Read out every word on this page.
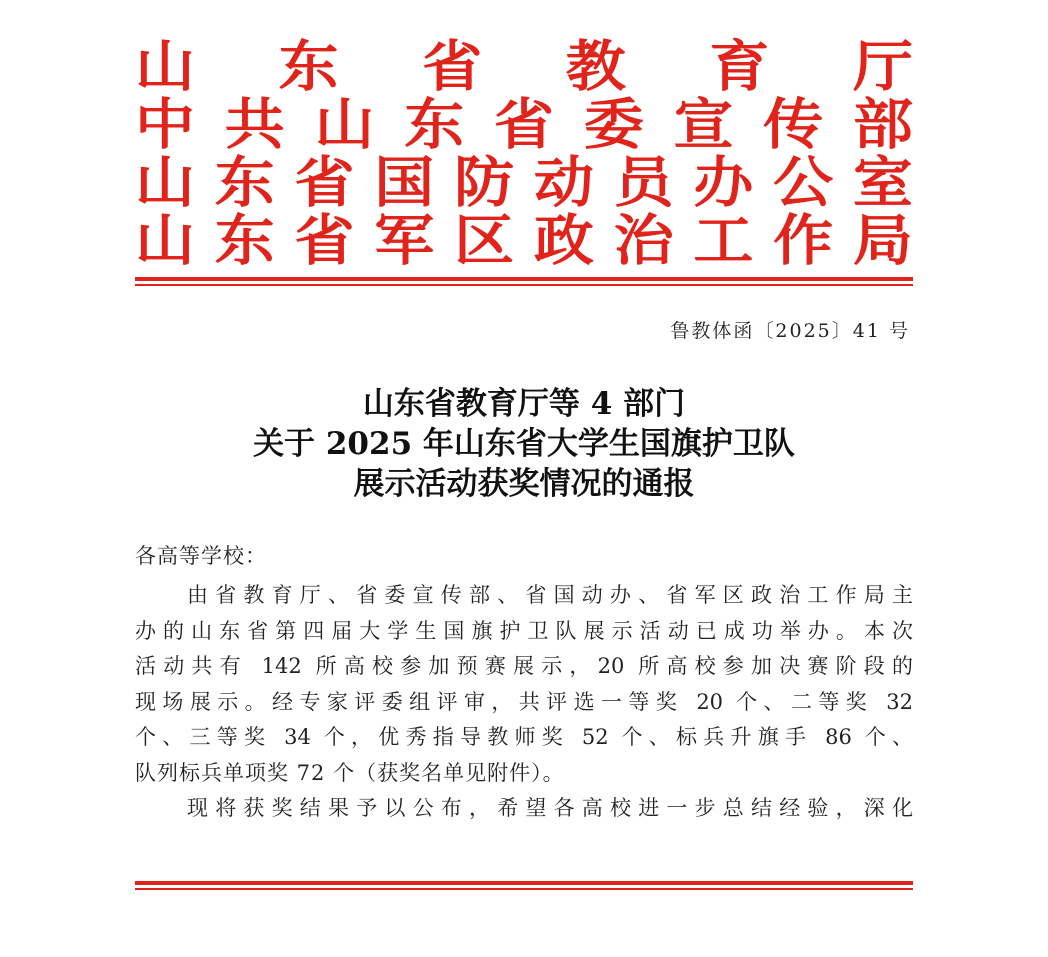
山 东 省 教 育 厅
中 共 山 东 省 委 宣 传 部
山 东 省 国 防 动 员 办 公 室
山 东 省 军 区 政 治 工 作 局
鲁教体函〔2025〕41 号
山东省教育厅等 4 部门
关于 2025 年山东省大学生国旗护卫队
展示活动获奖情况的通报
各高等学校：
由省教育厅、省委宣传部、省国动办、省军区政治工作局主
办的山东省第四届大学生国旗护卫队展示活动已成功举办。本次
活动共有 142 所高校参加预赛展示，20 所高校参加决赛阶段的
现场展示。经专家评委组评审，共评选一等奖 20 个、二等奖 32
个、三等奖 34 个，优秀指导教师奖 52 个、标兵升旗手 86 个、
队列标兵单项奖 72 个（获奖名单见附件）。
现将获奖结果予以公布，希望各高校进一步总结经验，深化
